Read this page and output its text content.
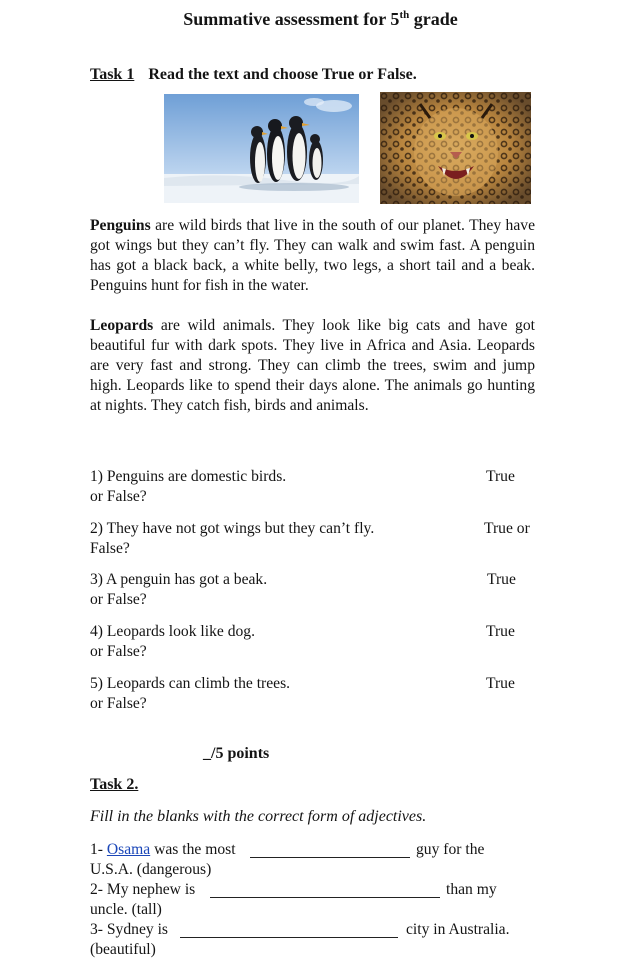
Summative assessment for 5th grade
Task 1 Read the text and choose True or False.
Penguins are wild birds that live in the south of our planet. They have got wings but they can’t fly. They can walk and swim fast. A penguin has got a black back, a white belly, two legs, a short tail and a beak. Penguins hunt for fish in the water.
Leopards are wild animals. They look like big cats and have got beautiful fur with dark spots. They live in Africa and Asia. Leopards are very fast and strong. They can climb the trees, swim and jump high. Leopards like to spend their days alone. The animals go hunting at nights. They catch fish, birds and animals.
1) Penguins are domestic birds.	True
or False?
2) They have not got wings but they can’t fly.	True or
False?
3) A penguin has got a beak.	True
or False?
4) Leopards look like dog.	True
or False?
5) Leopards can climb the trees.	True
or False?
_/5 points
Task 2.
Fill in the blanks with the correct form of adjectives.
1- Osama was the most	guy for the
U.S.A. (dangerous)
2- My nephew is	than my
uncle. (tall)
3- Sydney is	city in Australia.
(beautiful)
